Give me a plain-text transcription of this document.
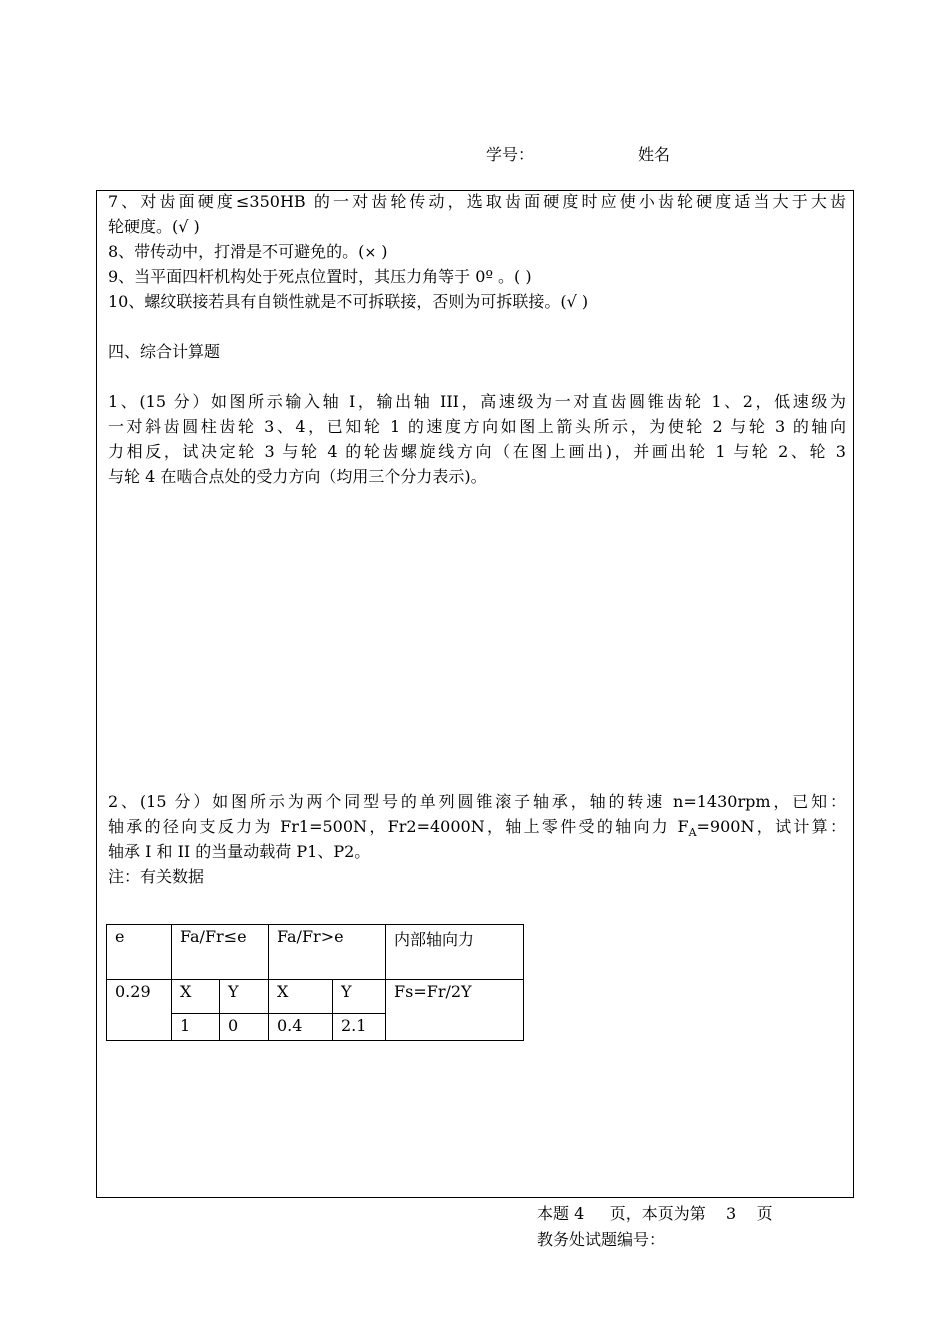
学号：	姓名
7、对齿面硬度≤350HB 的一对齿轮传动，选取齿面硬度时应使小齿轮硬度适当大于大齿
轮硬度。(√ )
8、带传动中，打滑是不可避免的。(× )
9、当平面四杆机构处于死点位置时，其压力角等于 0º 。( )
10、螺纹联接若具有自锁性就是不可拆联接，否则为可拆联接。(√ )
四、综合计算题
1、(15 分）如图所示输入轴 I，输出轴 III，高速级为一对直齿圆锥齿轮 1、2，低速级为
一对斜齿圆柱齿轮 3、4，已知轮 1 的速度方向如图上箭头所示，为使轮 2 与轮 3 的轴向
力相反，试决定轮 3 与轮 4 的轮齿螺旋线方向（在图上画出)，并画出轮 1 与轮 2、轮 3
与轮 4 在啮合点处的受力方向（均用三个分力表示)。
2、(15 分）如图所示为两个同型号的单列圆锥滚子轴承，轴的转速 n=1430rpm，已知：
轴承的径向支反力为 Fr1=500N，Fr2=4000N，轴上零件受的轴向力 $F_A=900N$，试计算：
轴承 I 和 II 的当量动载荷 P1、P2。
注：有关数据
e	Fa/Fr≤e		Fa/Fr>e		内部轴向力
0.29	X	Y	X	Y	Fs=Fr/2Y
	1	0	0.4	2.1	
本题 4     页，本页为第    3    页
教务处试题编号：
